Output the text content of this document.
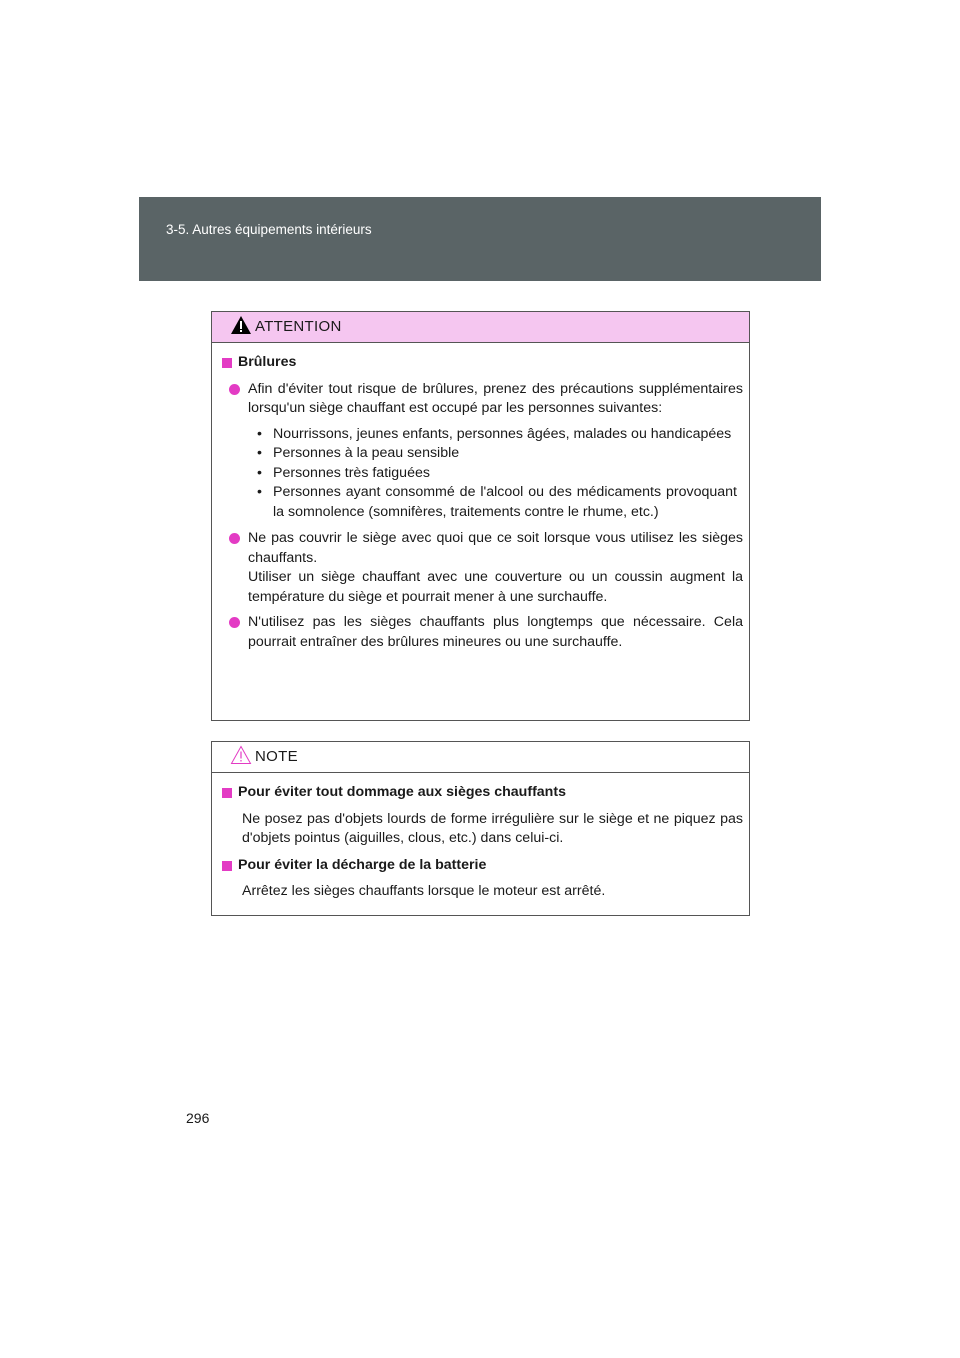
3-5. Autres équipements intérieurs
ATTENTION
Brûlures
Afin d'éviter tout risque de brûlures, prenez des précautions supplémentaires lorsqu'un siège chauffant est occupé par les personnes suivantes:
• Nourrissons, jeunes enfants, personnes âgées, malades ou handicapées
• Personnes à la peau sensible
• Personnes très fatiguées
• Personnes ayant consommé de l'alcool ou des médicaments provoquant la somnolence (somnifères, traitements contre le rhume, etc.)
Ne pas couvrir le siège avec quoi que ce soit lorsque vous utilisez les sièges chauffants.
Utiliser un siège chauffant avec une couverture ou un coussin augment la température du siège et pourrait mener à une surchauffe.
N'utilisez pas les sièges chauffants plus longtemps que nécessaire. Cela pourrait entraîner des brûlures mineures ou une surchauffe.
NOTE
Pour éviter tout dommage aux sièges chauffants
Ne posez pas d'objets lourds de forme irrégulière sur le siège et ne piquez pas d'objets pointus (aiguilles, clous, etc.) dans celui-ci.
Pour éviter la décharge de la batterie
Arrêtez les sièges chauffants lorsque le moteur est arrêté.
296
